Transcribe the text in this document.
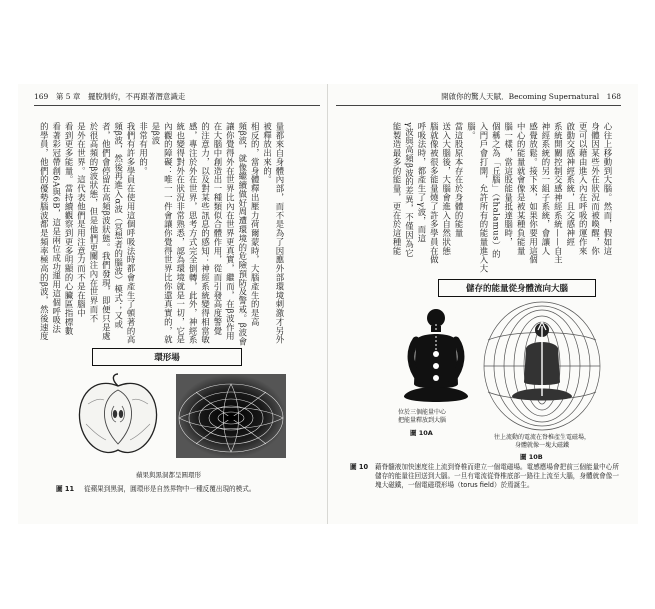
169　第 5 章　擺脫制約，不再跟著潛意識走	開啟你的驚人天賦．Becoming Supernatural　168
量都來自身體內部，而不是為了因應外部環境刺激才另外
被釋放出來的。
相反的，當身體釋出壓力荷爾蒙時，大腦產生的是高
頻β波，就像繼續做好周遭環境的危險預防及警戒。β波會
讓你覺得外在世界比內在世界更真實，繼而，在β波作用
在大腦中創造出一種類似合體作用，從而引發高度警覺
的注意力，以及對某些訊息的感知：神經系統變得相當敏
感，專注於外在世界，思考方式完全倒轉，此外，神經系
統也變得對外在狀況非常熟悉，認為環境就是一切，它是
內觀的障礙：唯一一件會讓你覺得世界比你還真實的，就是β波
非常有用的。
我們有許多學員在使用這個呼吸法時都會產生了頓著的高
頻β波，然後再進入α波（冥想者的腦波）模式；又或
者，他們會停留在高頻β波狀態。我們發現，即便只是處
於很高頻的β波狀態，但是他們更關注內在世界而不
是外在世界。這代表他們是用注意力而不是在腦中
看到更多能量。當持續觀察到更多明顯的心臟區指標數
看著彩冠帶創6A與6B，這是兩位成功運用這個呼吸法
的學員，他們的優勢腦波都是頻率極高的β波，然後速度	心往上移動到大腦。然而，假如這
身體因某些外在狀況而被喚醒，你
更可以藉由進入內在呼吸的運作來
啟動交感神經系統，且交感神經
系統開關控制交感神經系統——自主
神經系統的另一組子系統，會讓人
感覺放鬆。接下來，如果你要用這個
中心的能量就會像是被某種負能量
腦一樣，當這股能量抵達腦時，
個稱之為「丘腦」（thalamus）的
入門戶會打開，允許所有的能量進入大
腦。
當這股原本存在於身體的能量
送入大腦後，大腦會進入自然狀態
腦就像被很多能量燒了許多學員在做
呼吸法時，都產生了γ波，而這
γ波與高頻β波的差異，不僅因為它
能製造最多的能量，更在於這種能
環形場
蘋果與黑洞都呈圓環形
圖 11	從蘋果到黑洞，圓環形是自然界物中一種反覆出現的模式。
儲存的能量從身體流向大腦
位於三個能量中心
把能量釋放到大腦
圖 10A
往上流動的電流在脊椎產生電磁場，
身體就像一塊大磁鐵
圖 10B
圖 10	藉脊髓液加快速度往上流到脊椎而建立一個電磁場。電感應場會把前三個能量中心所儲存的能量往回送到大腦。一旦有電流從脊椎底部一路往上流至大腦，身體就會像一塊大磁鐵，一個電磁環形場（torus field）於焉誕生。
